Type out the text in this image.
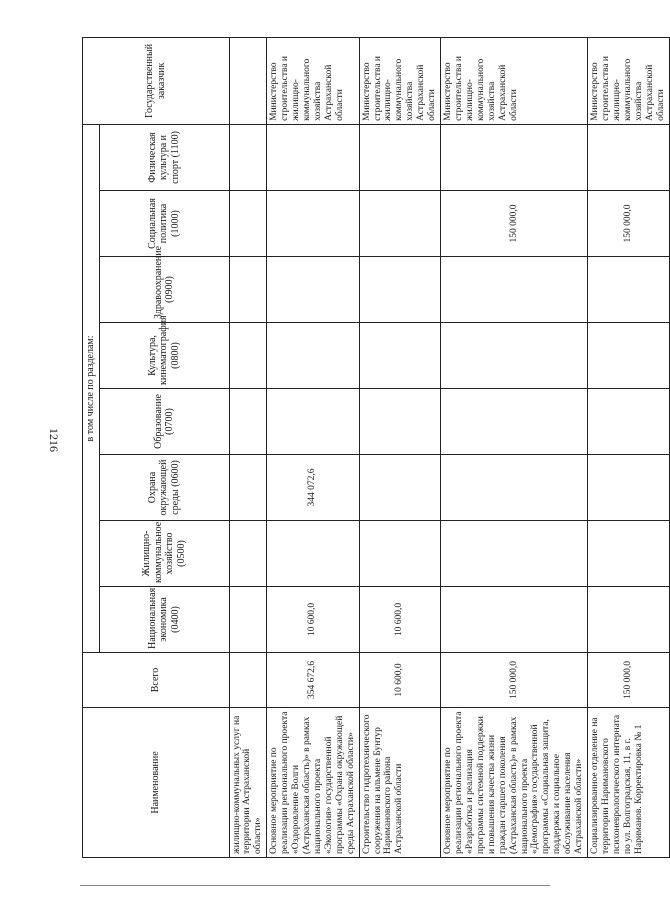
1216
Наименование	Всего	в том числе по разделам:								Государственный заказчик
		Национальная экономика (0400)	Жилищно-коммунальное хозяйство (0500)	Охрана окружающей среды (0600)	Образование (0700)	Культура, кинематография (0800)	Здравоохранение (0900)	Социальная политика (1000)	Физическая культура и спорт (1100)	
жилищно-коммунальных услуг на территории Астраханской области»										
Основное мероприятие по реализации регионального проекта «Оздоровление Волги (Астраханская область)» в рамках национального проекта «Экология» государственной программы «Охрана окружающей среды Астраханской области»	354 672,6	10 600,0		344 072,6						Министерство строительства и жилищно-коммунального хозяйства Астраханской области
Строительство гидротехнического сооружения на ильмене Бунтур Наримановского района Астраханской области	10 600,0	10 600,0								Министерство строительства и жилищно-коммунального хозяйства Астраханской области
Основное мероприятие по реализации регионального проекта «Разработка и реализация программы системной поддержки и повышения качества жизни граждан старшего поколения (Астраханская область)» в рамках национального проекта «Демография» государственной программы «Социальная защита, поддержка и социальное обслуживание населения Астраханской области»	150 000,0							150 000,0		Министерство строительства и жилищно-коммунального хозяйства Астраханской области
Социализированное отделение на территории Наримановского психоневрологического интерната по ул. Волгоградская, 11, в г. Нариманов. Корректировка № 1	150 000,0							150 000,0		Министерство строительства и жилищно-коммунального хозяйства Астраханской области
